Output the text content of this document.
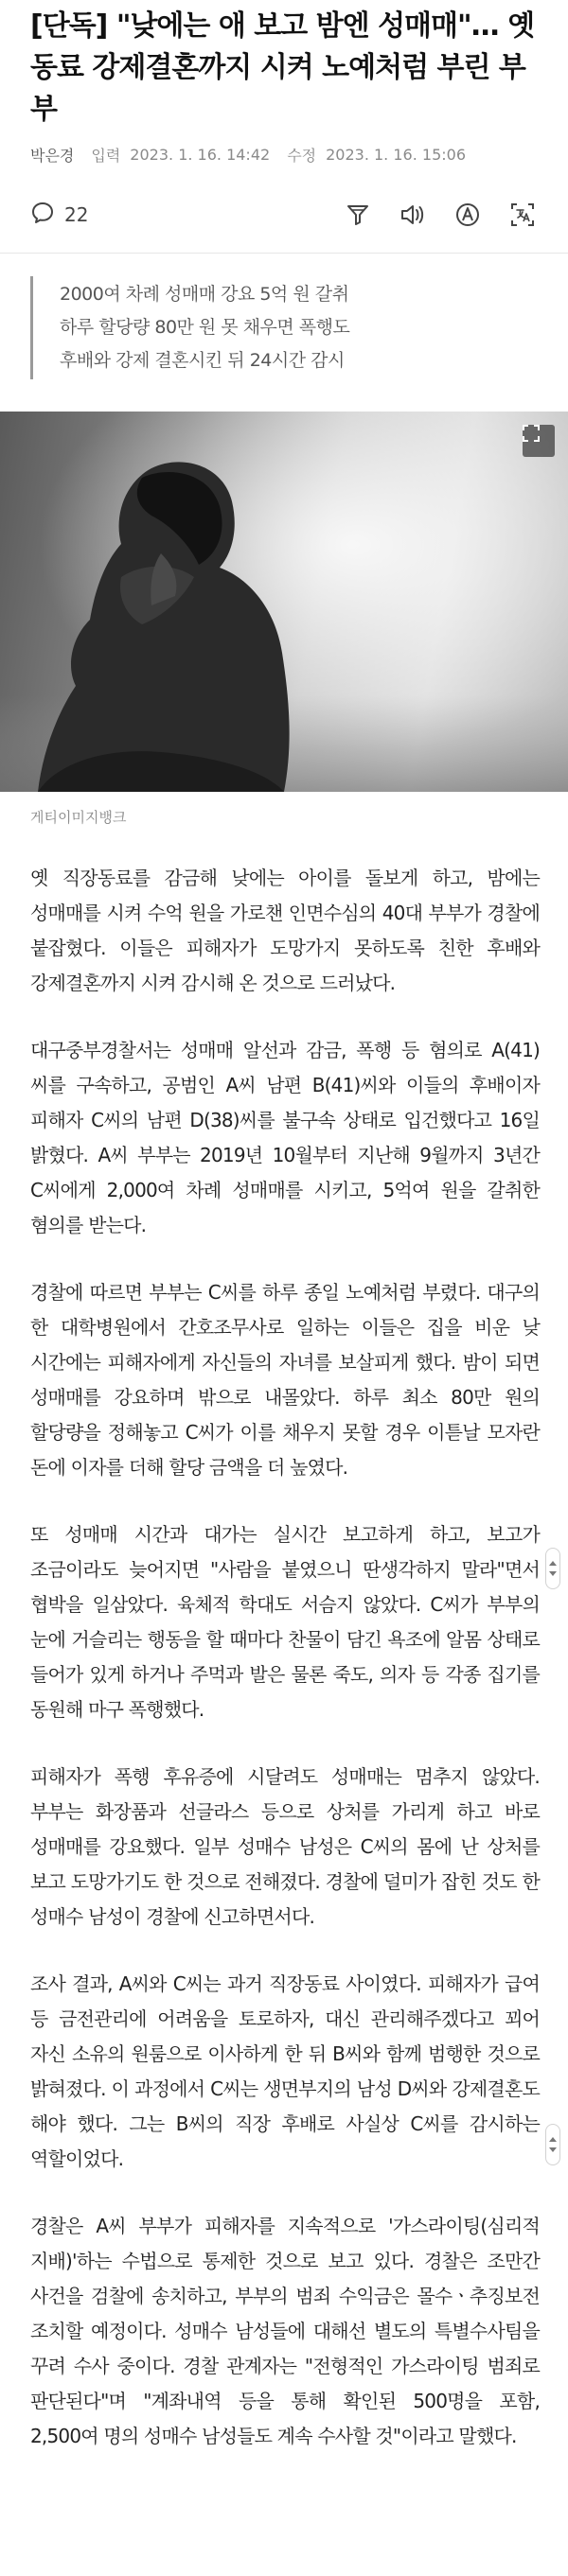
[단독] "낮에는 애 보고 밤엔 성매매"… 옛 동료 강제결혼까지 시켜 노예처럼 부린 부부
박은경 입력 2023. 1. 16. 14:42 수정 2023. 1. 16. 15:06
22

2000여 차례 성매매 강요 5억 원 갈취

하루 할당량 80만 원 못 채우면 폭행도

후배와 강제 결혼시킨 뒤 24시간 감시

게티이미지뱅크

옛 직장동료를 감금해 낮에는 아이를 돌보게 하고, 밤에는 성매매를 시켜 수억 원을 가로챈 인면수심의 40대 부부가 경찰에 붙잡혔다. 이들은 피해자가 도망가지 못하도록 친한 후배와 강제결혼까지 시켜 감시해 온 것으로 드러났다.

대구중부경찰서는 성매매 알선과 감금, 폭행 등 혐의로 A(41)씨를 구속하고, 공범인 A씨 남편 B(41)씨와 이들의 후배이자 피해자 C씨의 남편 D(38)씨를 불구속 상태로 입건했다고 16일 밝혔다. A씨 부부는 2019년 10월부터 지난해 9월까지 3년간 C씨에게 2,000여 차례 성매매를 시키고, 5억여 원을 갈취한 혐의를 받는다.

경찰에 따르면 부부는 C씨를 하루 종일 노예처럼 부렸다. 대구의 한 대학병원에서 간호조무사로 일하는 이들은 집을 비운 낮 시간에는 피해자에게 자신들의 자녀를 보살피게 했다. 밤이 되면 성매매를 강요하며 밖으로 내몰았다. 하루 최소 80만 원의 할당량을 정해놓고 C씨가 이를 채우지 못할 경우 이튿날 모자란 돈에 이자를 더해 할당 금액을 더 높였다.

또 성매매 시간과 대가는 실시간 보고하게 하고, 보고가 조금이라도 늦어지면 "사람을 붙였으니 딴생각하지 말라"면서 협박을 일삼았다. 육체적 학대도 서슴지 않았다. C씨가 부부의 눈에 거슬리는 행동을 할 때마다 찬물이 담긴 욕조에 알몸 상태로 들어가 있게 하거나 주먹과 발은 물론 죽도, 의자 등 각종 집기를 동원해 마구 폭행했다.

피해자가 폭행 후유증에 시달려도 성매매는 멈추지 않았다. 부부는 화장품과 선글라스 등으로 상처를 가리게 하고 바로 성매매를 강요했다. 일부 성매수 남성은 C씨의 몸에 난 상처를 보고 도망가기도 한 것으로 전해졌다. 경찰에 덜미가 잡힌 것도 한 성매수 남성이 경찰에 신고하면서다.

조사 결과, A씨와 C씨는 과거 직장동료 사이였다. 피해자가 급여 등 금전관리에 어려움을 토로하자, 대신 관리해주겠다고 꾀어 자신 소유의 원룸으로 이사하게 한 뒤 B씨와 함께 범행한 것으로 밝혀졌다. 이 과정에서 C씨는 생면부지의 남성 D씨와 강제결혼도 해야 했다. 그는 B씨의 직장 후배로 사실상 C씨를 감시하는 역할이었다.

경찰은 A씨 부부가 피해자를 지속적으로 '가스라이팅(심리적 지배)'하는 수법으로 통제한 것으로 보고 있다. 경찰은 조만간 사건을 검찰에 송치하고, 부부의 범죄 수익금은 몰수ㆍ추징보전 조치할 예정이다. 성매수 남성들에 대해선 별도의 특별수사팀을 꾸려 수사 중이다. 경찰 관계자는 "전형적인 가스라이팅 범죄로 판단된다"며 "계좌내역 등을 통해 확인된 500명을 포함, 2,500여 명의 성매수 남성들도 계속 수사할 것"이라고 말했다.
